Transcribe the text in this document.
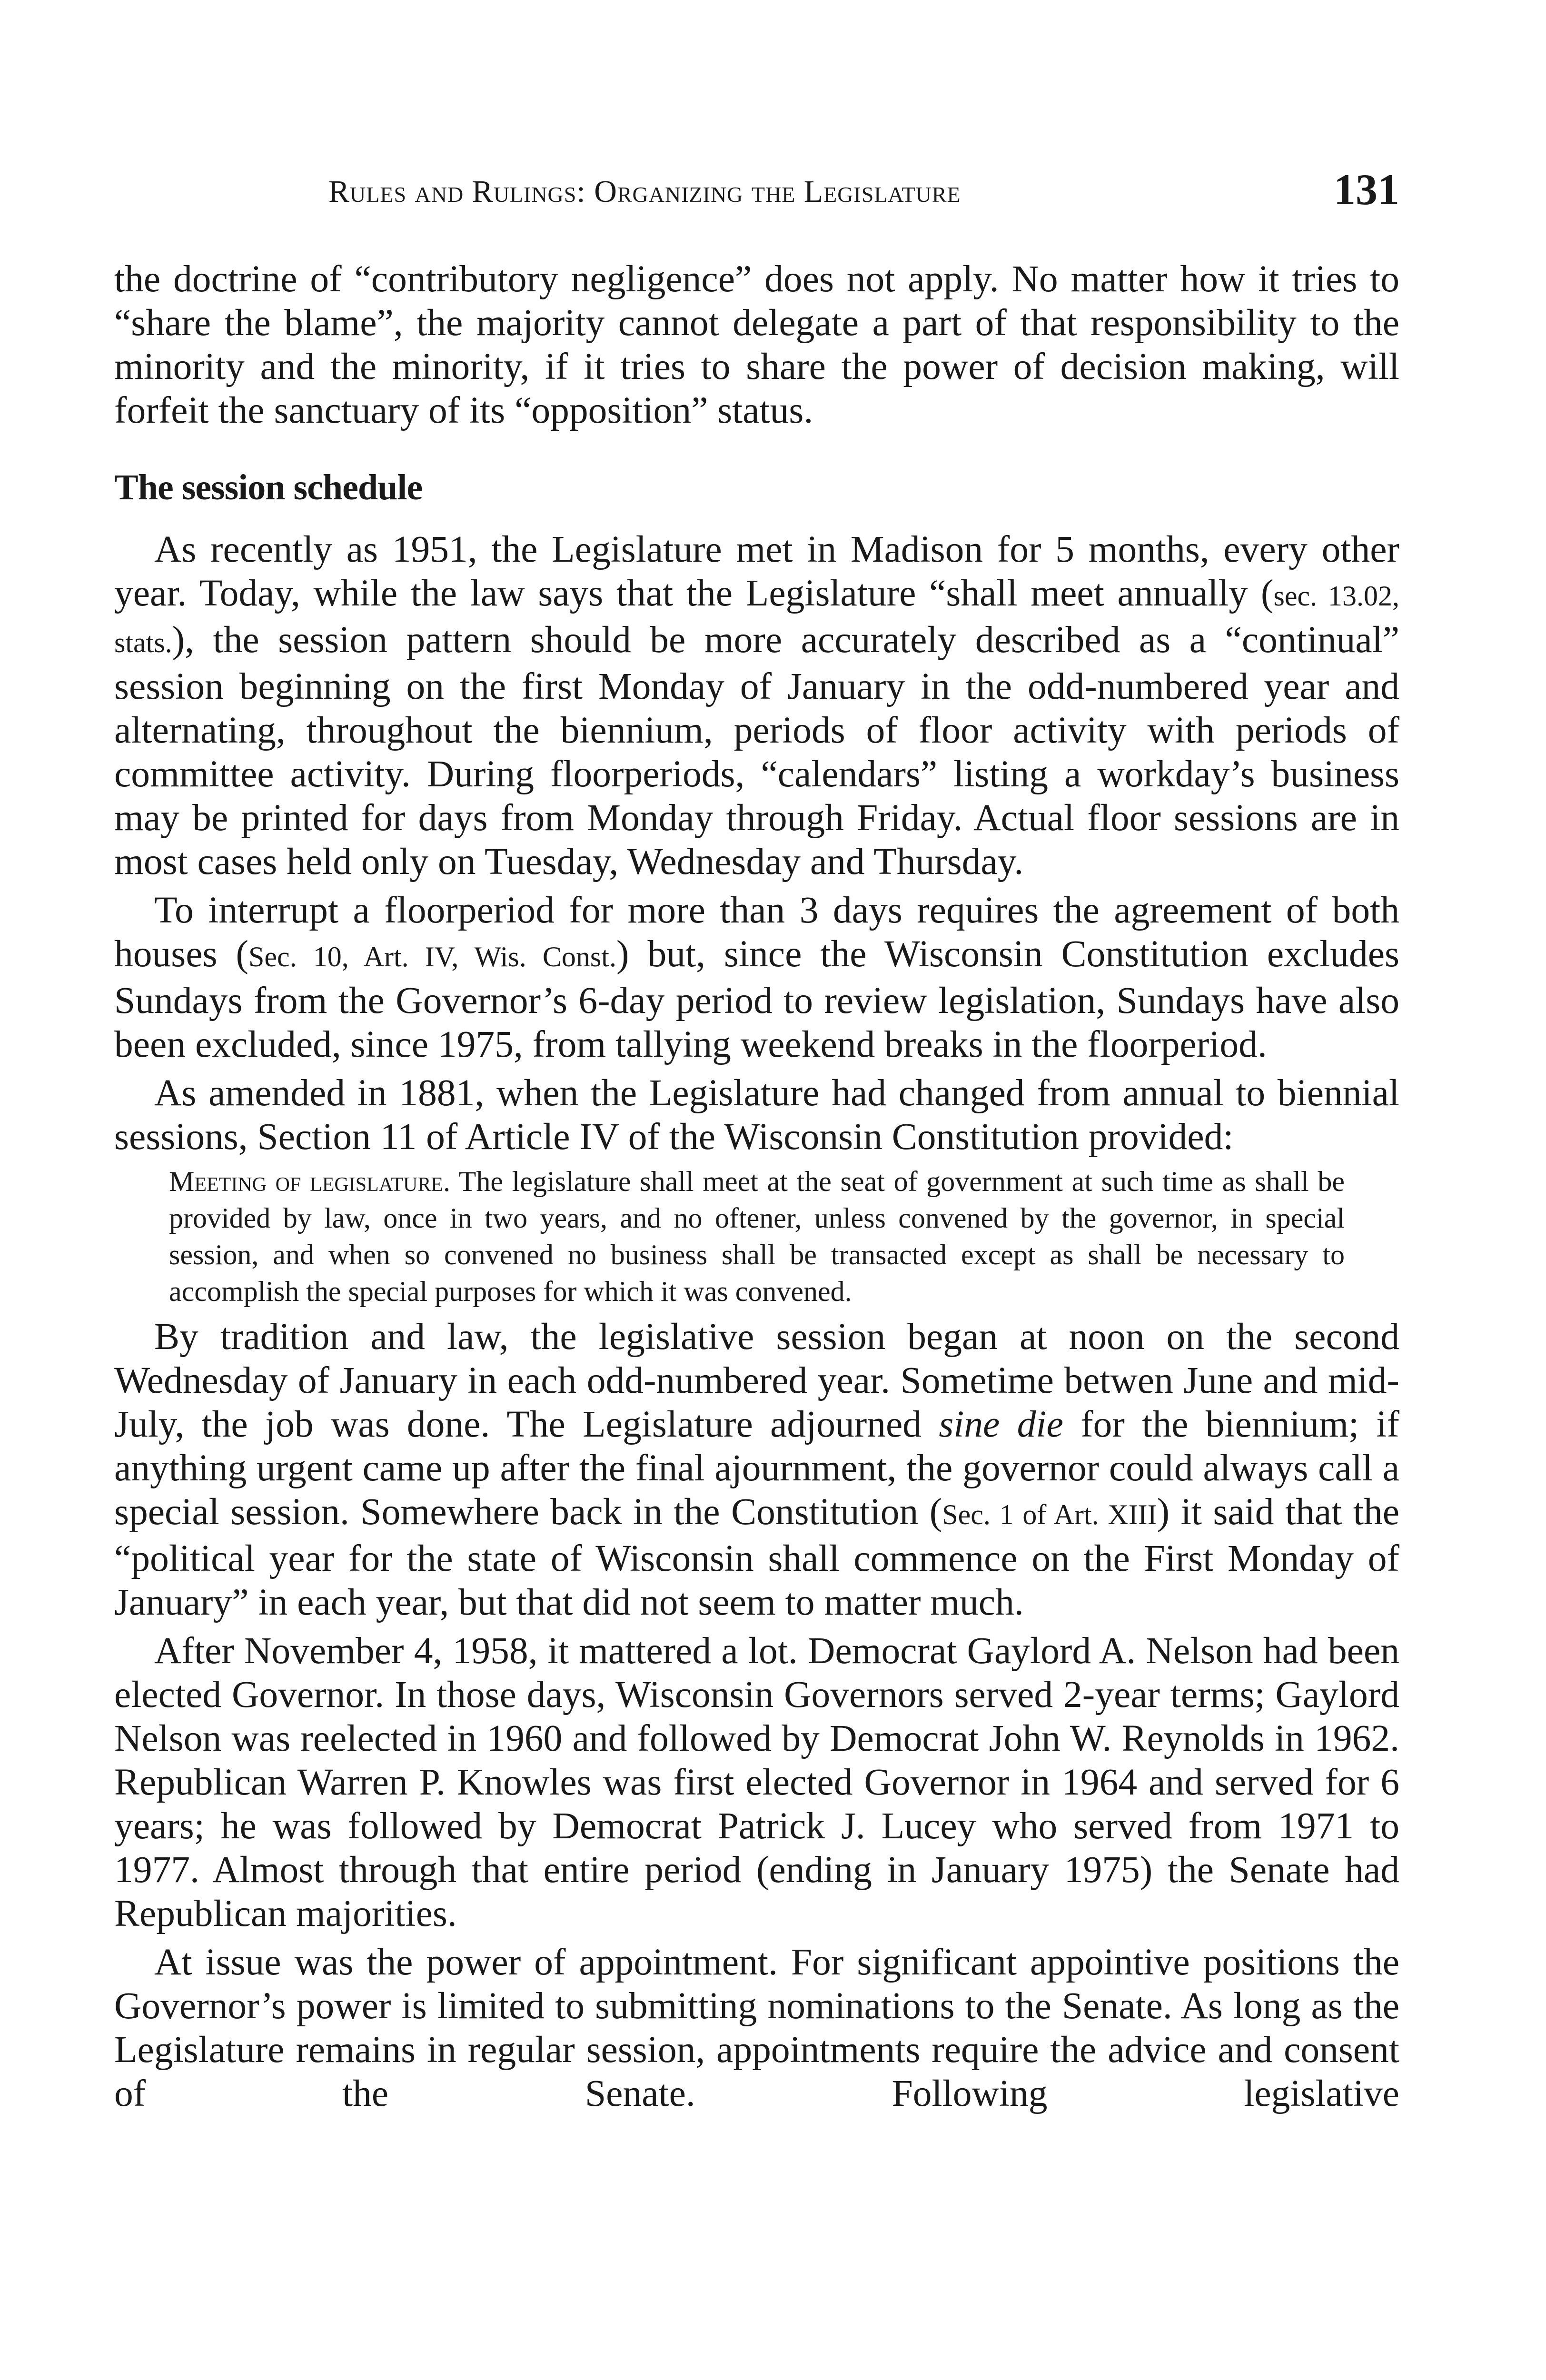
Rules and Rulings: Organizing the Legislature	131

the doctrine of “contributory negligence” does not apply. No matter how it tries to “share the blame”, the majority cannot delegate a part of that responsibility to the minority and the minority, if it tries to share the power of decision making, will forfeit the sanctuary of its “opposition” status.

The session schedule

As recently as 1951, the Legislature met in Madison for 5 months, every other year. Today, while the law says that the Legislature “shall meet annually (sec. 13.02, stats.), the session pattern should be more accurately described as a “continual” session beginning on the first Monday of January in the odd-numbered year and alternating, throughout the biennium, periods of floor activity with periods of committee activity. During floorperiods, “calendars” listing a workday’s business may be printed for days from Monday through Friday. Actual floor sessions are in most cases held only on Tuesday, Wednesday and Thursday.

To interrupt a floorperiod for more than 3 days requires the agreement of both houses (Sec. 10, Art. IV, Wis. Const.) but, since the Wisconsin Constitution excludes Sundays from the Governor’s 6-day period to review legislation, Sundays have also been excluded, since 1975, from tallying weekend breaks in the floorperiod.

As amended in 1881, when the Legislature had changed from annual to biennial sessions, Section 11 of Article IV of the Wisconsin Constitution provided:

Meeting of legislature. The legislature shall meet at the seat of government at such time as shall be provided by law, once in two years, and no oftener, unless convened by the governor, in special session, and when so convened no business shall be transacted except as shall be necessary to accomplish the special purposes for which it was convened.

By tradition and law, the legislative session began at noon on the second Wednesday of January in each odd-numbered year. Sometime betwen June and mid-July, the job was done. The Legislature adjourned sine die for the biennium; if anything urgent came up after the final ajournment, the governor could always call a special session. Somewhere back in the Constitution (Sec. 1 of Art. XIII) it said that the “political year for the state of Wisconsin shall commence on the First Monday of January” in each year, but that did not seem to matter much.

After November 4, 1958, it mattered a lot. Democrat Gaylord A. Nelson had been elected Governor. In those days, Wisconsin Governors served 2-year terms; Gaylord Nelson was reelected in 1960 and followed by Democrat John W. Reynolds in 1962. Republican Warren P. Knowles was first elected Governor in 1964 and served for 6 years; he was followed by Democrat Patrick J. Lucey who served from 1971 to 1977. Almost through that entire period (ending in January 1975) the Senate had Republican majorities.

At issue was the power of appointment. For significant appointive positions the Governor’s power is limited to submitting nominations to the Senate. As long as the Legislature remains in regular session, appointments require the advice and consent of the Senate. Following legislative
